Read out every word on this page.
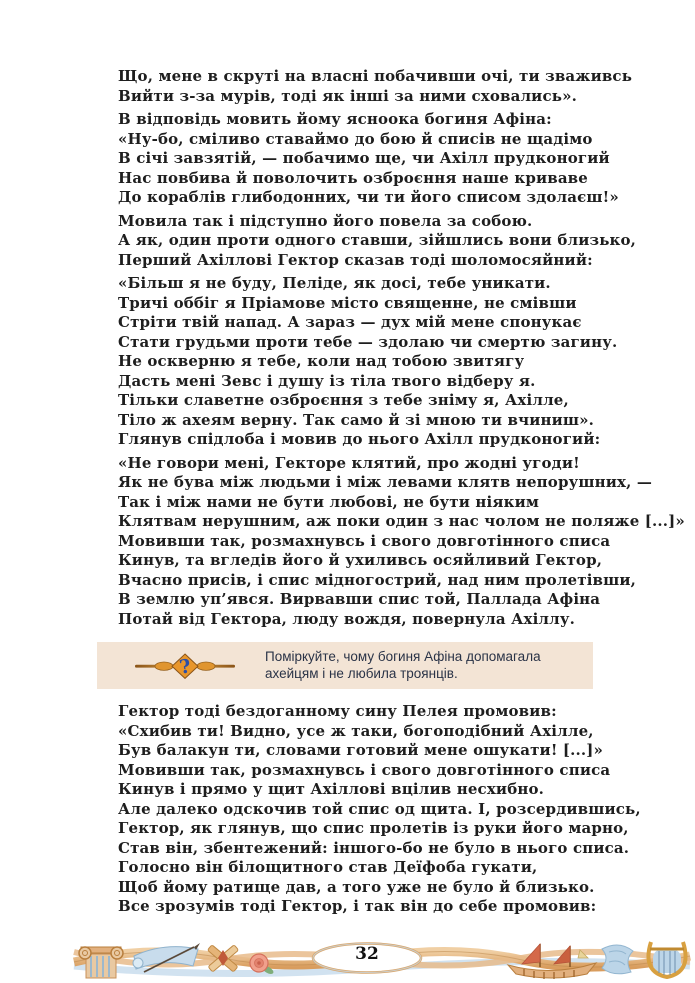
Що, мене в скруті на власні побачивши очі, ти зваживсь
Вийти з-за мурів, тоді як інші за ними сховались».
В відповідь мовить йому ясноока богиня Афіна:
«Ну-бо, сміливо ставаймо до бою й списів не щадімо
В січі завзятій, — побачимо ще, чи Ахілл прудконогий
Нас повбива й поволочить озброєння наше криваве
До кораблів глибодонних, чи ти його списом здолаєш!»
Мовила так і підступно його повела за собою.
А як, один проти одного ставши, зійшлись вони близько,
Перший Ахіллові Гектор сказав тоді шоломосяйний:
«Більш я не буду, Пеліде, як досі, тебе уникати.
Тричі оббіг я Пріамове місто священне, не смівши
Стріти твій напад. А зараз — дух мій мене спонукає
Стати грудьми проти тебе — здолаю чи смертю загину.
Не оскверню я тебе, коли над тобою звитягу
Дасть мені Зевс і душу із тіла твого відберу я.
Тільки славетне озброєння з тебе зніму я, Ахілле,
Тіло ж ахеям верну. Так само й зі мною ти вчиниш».
Глянув спідлоба і мовив до нього Ахілл прудконогий:
«Не говори мені, Гекторе клятий, про жодні угоди!
Як не бува між людьми і між левами клятв непорушних, —
Так і між нами не бути любові, не бути ніяким
Клятвам нерушним, аж поки один з нас чолом не поляже [...]»
Мовивши так, розмахнувсь і свого довготінного списа
Кинув, та вгледів його й ухиливсь осяйливий Гектор,
Вчасно присів, і спис мідногострий, над ним пролетівши,
В землю уп’явся. Вирвавши спис той, Паллада Афіна
Потай від Гектора, люду вождя, повернула Ахіллу.
?	Поміркуйте, чому богиня Афіна допомагала ахейцям і не любила троянців.

Гектор тоді бездоганному сину Пелея промовив:
«Схибив ти! Видно, усе ж таки, богоподібний Ахілле,
Був балакун ти, словами готовий мене ошукати! [...]»
Мовивши так, розмахнувсь і свого довготінного списа
Кинув і прямо у щит Ахіллові вцілив несхибно.
Але далеко одскочив той спис од щита. І, розсердившись,
Гектор, як глянув, що спис пролетів із руки його марно,
Став він, збентежений: іншого-бо не було в нього списа.
Голосно він білощитного став Деїфоба гукати,
Щоб йому ратище дав, а того уже не було й близько.
Все зрозумів тоді Гектор, і так він до себе промовив:
32
